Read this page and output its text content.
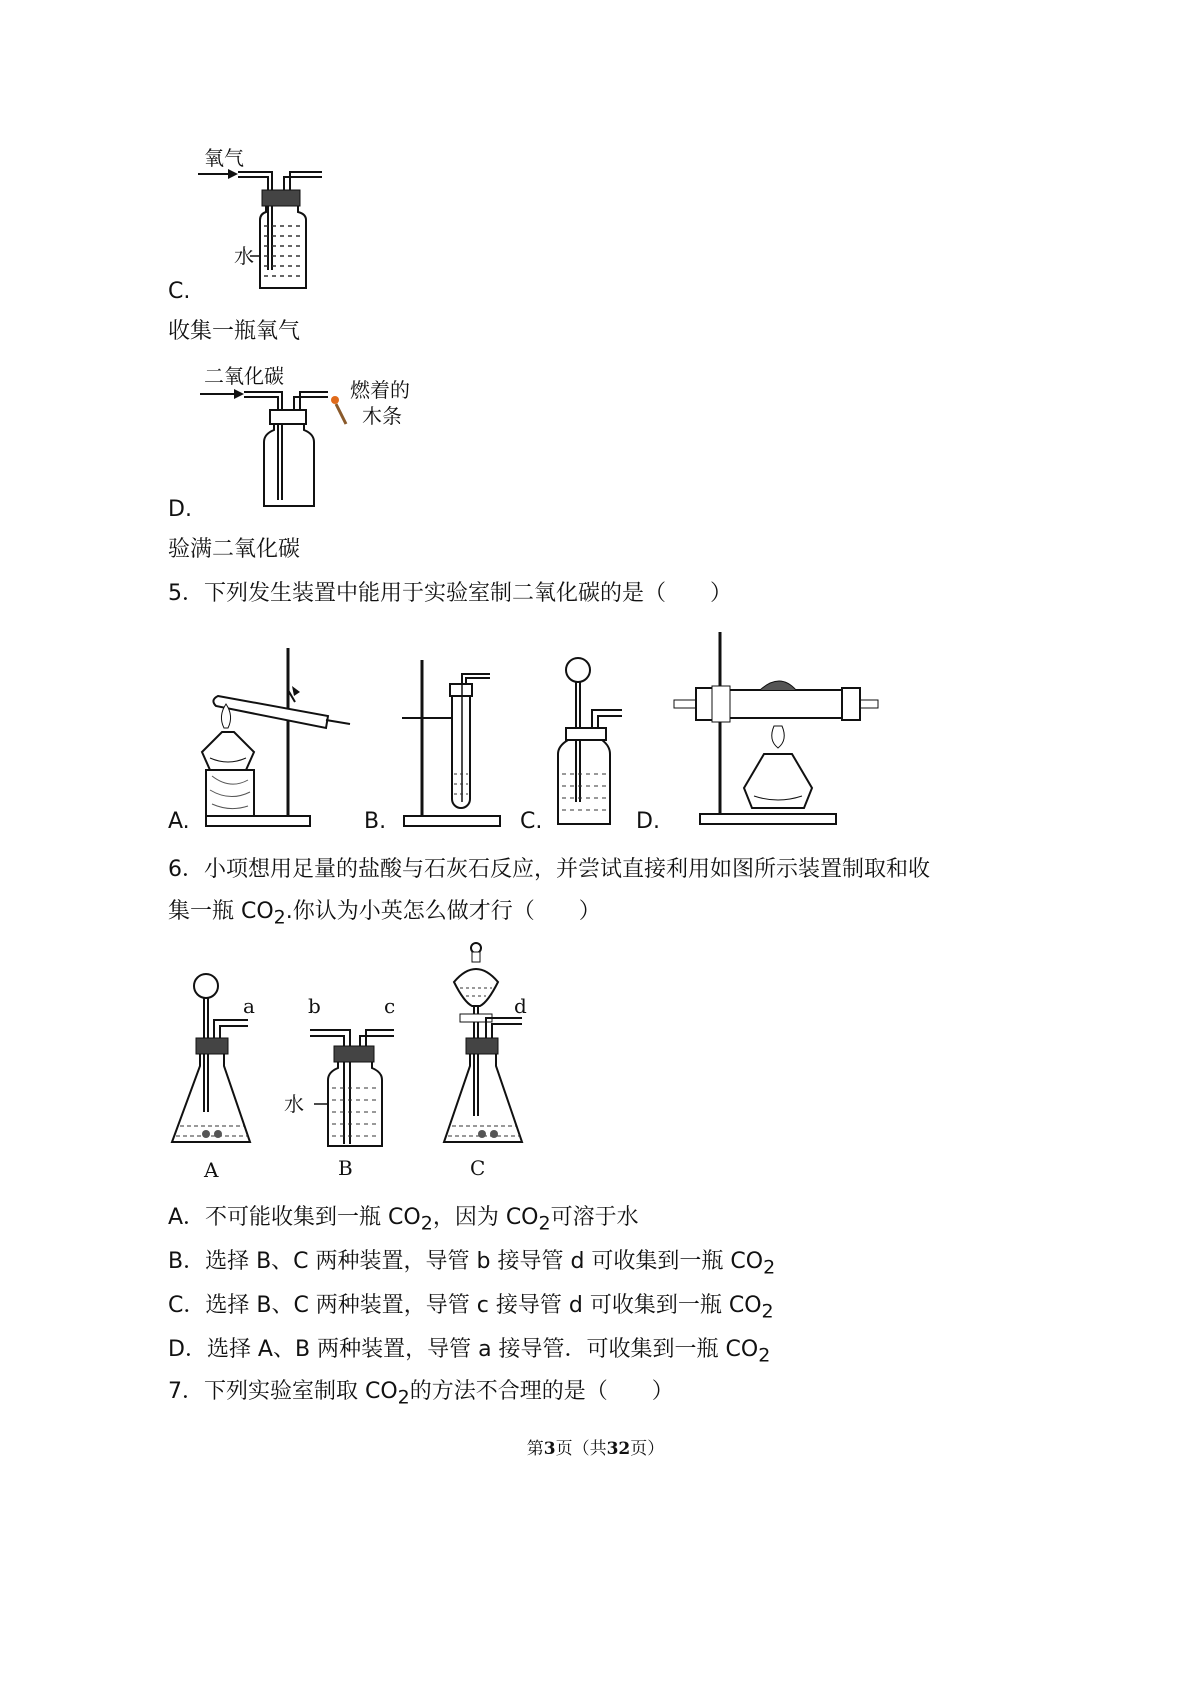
氧气
水
C.
收集一瓶氧气
二氧化碳
燃着的
木条
D.
验满二氧化碳
5．下列发生装置中能用于实验室制二氧化碳的是（　　）
A.	B.	C.	D.
6．小项想用足量的盐酸与石灰石反应，并尝试直接利用如图所示装置制取和收
集一瓶 $CO_2$.你认为小英怎么做才行（　　）
a
A
b	c
水
B
d
C
A．不可能收集到一瓶 $CO_2$，因为 $CO_2$可溶于水
B．选择 B、C 两种装置，导管 b 接导管 d 可收集到一瓶 $CO_2$
C．选择 B、C 两种装置，导管 c 接导管 d 可收集到一瓶 $CO_2$
D．选择 A、B 两种装置，导管 a 接导管．可收集到一瓶 $CO_2$
7．下列实验室制取 $CO_2$的方法不合理的是（　　）
第3页（共32页）
